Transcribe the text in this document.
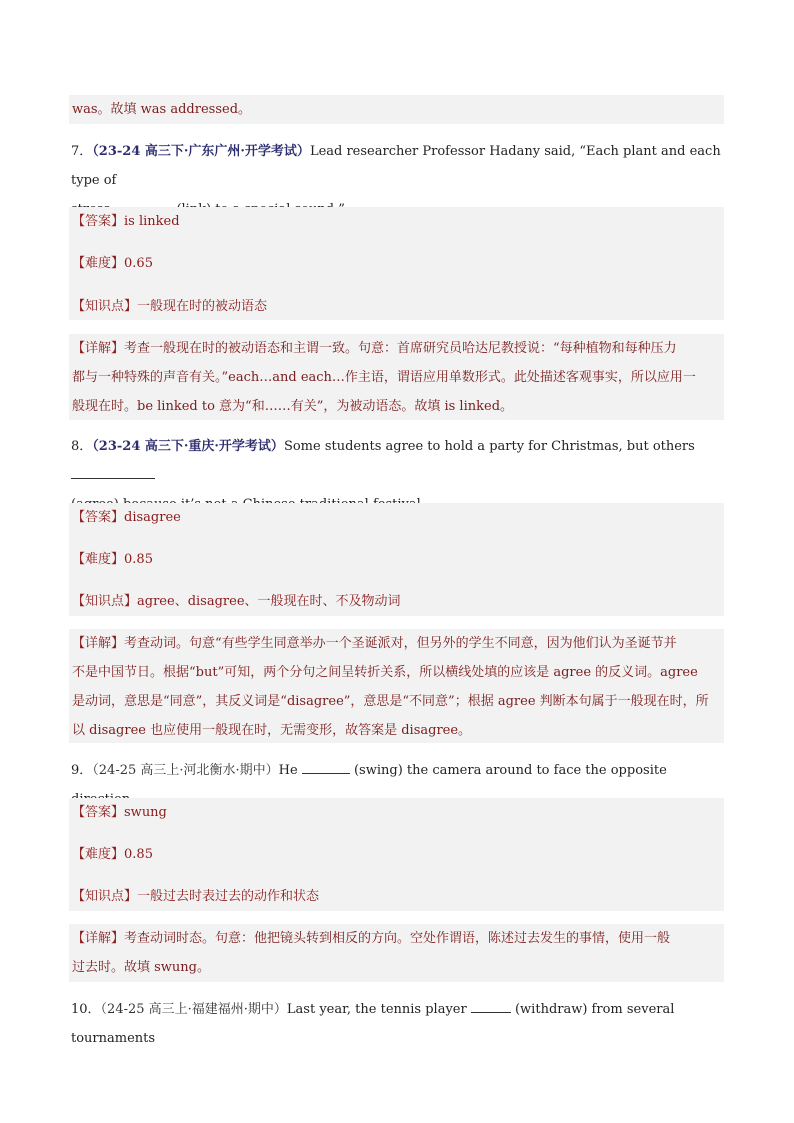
was。故填 was addressed。
7．（23-24 高三下·广东广州·开学考试）Lead researcher Professor Hadany said, “Each plant and each type of
【答案】is linked
【难度】0.65
【知识点】一般现在时的被动语态
【详解】考查一般现在时的被动语态和主谓一致。句意：首席研究员哈达尼教授说：“每种植物和每种压力
都与一种特殊的声音有关。”each…and each…作主语，谓语应用单数形式。此处描述客观事实，所以应用一
般现在时。be linked to 意为“和……有关”，为被动语态。故填 is linked。
8．（23-24 高三下·重庆·开学考试）Some students agree to hold a party for Christmas, but others
【答案】disagree
【难度】0.85
【知识点】agree、disagree、一般现在时、不及物动词
【详解】考查动词。句意“有些学生同意举办一个圣诞派对，但另外的学生不同意，因为他们认为圣诞节并
不是中国节日。根据“but”可知，两个分句之间呈转折关系，所以横线处填的应该是 agree 的反义词。agree
是动词，意思是“同意”，其反义词是“disagree”，意思是“不同意”；根据 agree 判断本句属于一般现在时，所
以 disagree 也应使用一般现在时，无需变形，故答案是 disagree。
9．（24-25 高三上·河北衡水·期中）He	(swing) the camera around to face the opposite
【答案】swung
【难度】0.85
【知识点】一般过去时表过去的动作和状态
【详解】考查动词时态。句意：他把镜头转到相反的方向。空处作谓语，陈述过去发生的事情，使用一般
过去时。故填 swung。
10．（24-25 高三上·福建福州·期中）Last year, the tennis player	(withdraw) from several tournaments
